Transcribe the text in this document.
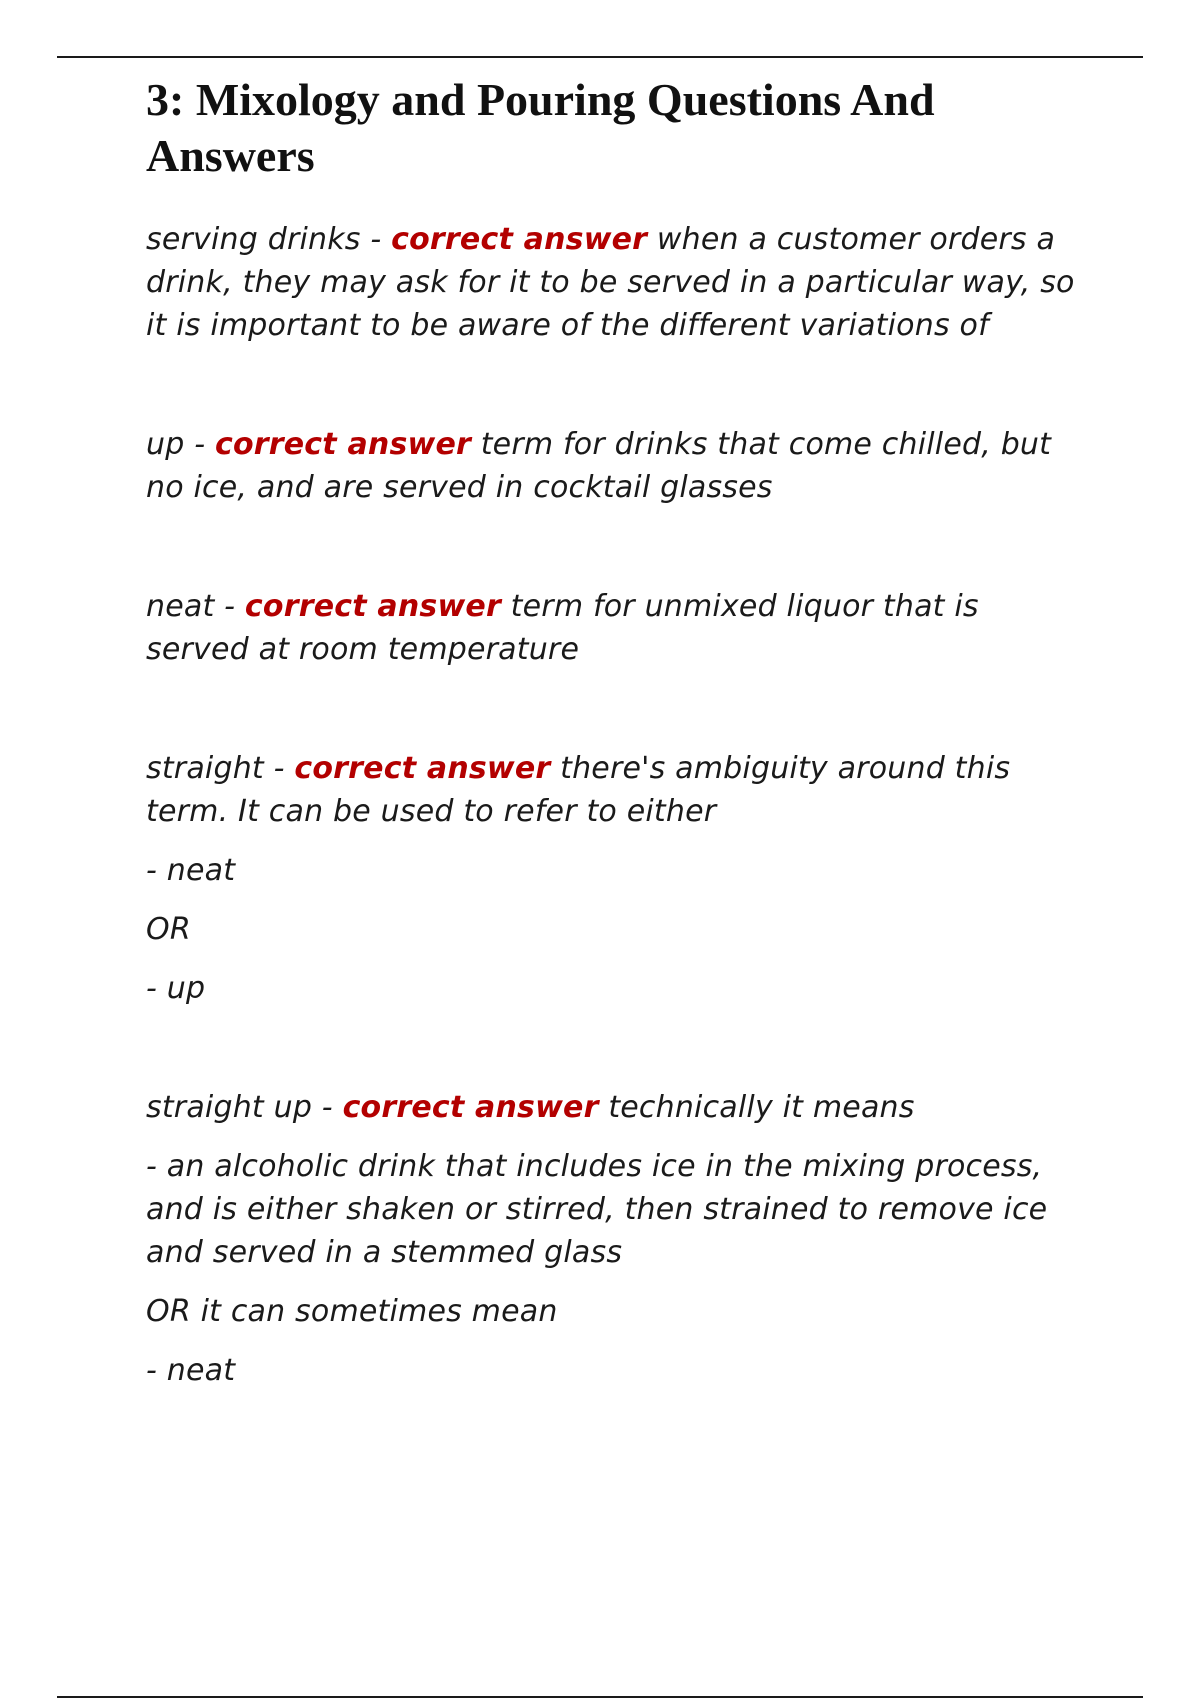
3: Mixology and Pouring Questions And Answers

serving drinks - correct answer when a customer orders a drink, they may ask for it to be served in a particular way, so it is important to be aware of the different variations of

up - correct answer term for drinks that come chilled, but no ice, and are served in cocktail glasses

neat - correct answer term for unmixed liquor that is served at room temperature

straight - correct answer there's ambiguity around this term. It can be used to refer to either

- neat

OR

- up

straight up - correct answer technically it means

- an alcoholic drink that includes ice in the mixing process, and is either shaken or stirred, then strained to remove ice and served in a stemmed glass

OR it can sometimes mean

- neat
